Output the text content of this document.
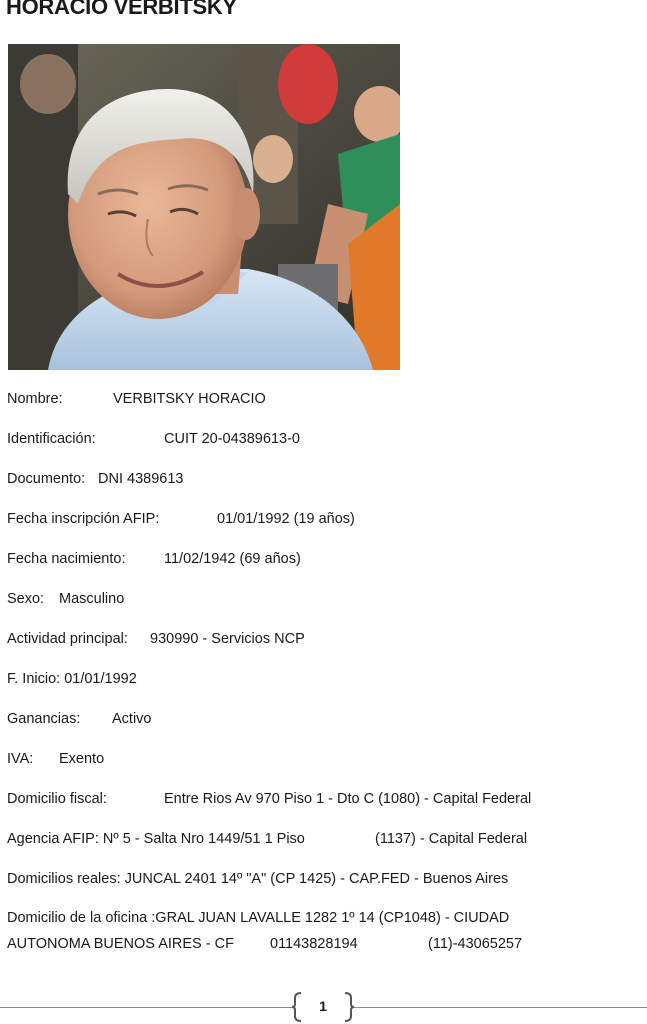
HORACIO VERBITSKY
Nombre:	VERBITSKY HORACIO
Identificación:	CUIT 20-04389613-0
Documento: DNI 4389613
Fecha inscripción AFIP:	01/01/1992 (19 años)
Fecha nacimiento:	11/02/1942 (69 años)
Sexo: Masculino
Actividad principal: 930990 - Servicios NCP
F. Inicio: 01/01/1992
Ganancias: Activo
IVA: Exento
Domicilio fiscal:	Entre Rios Av 970 Piso 1 - Dto C (1080) - Capital Federal
Agencia AFIP: Nº 5 - Salta Nro 1449/51 1 Piso	(1137) - Capital Federal
Domicilios reales: JUNCAL 2401 14º "A" (CP 1425) - CAP.FED - Buenos Aires
Domicilio de la oficina :GRAL JUAN LAVALLE 1282 1º 14 (CP1048) - CIUDAD
AUTONOMA BUENOS AIRES - CF 01143828194	(11)-43065257
1
